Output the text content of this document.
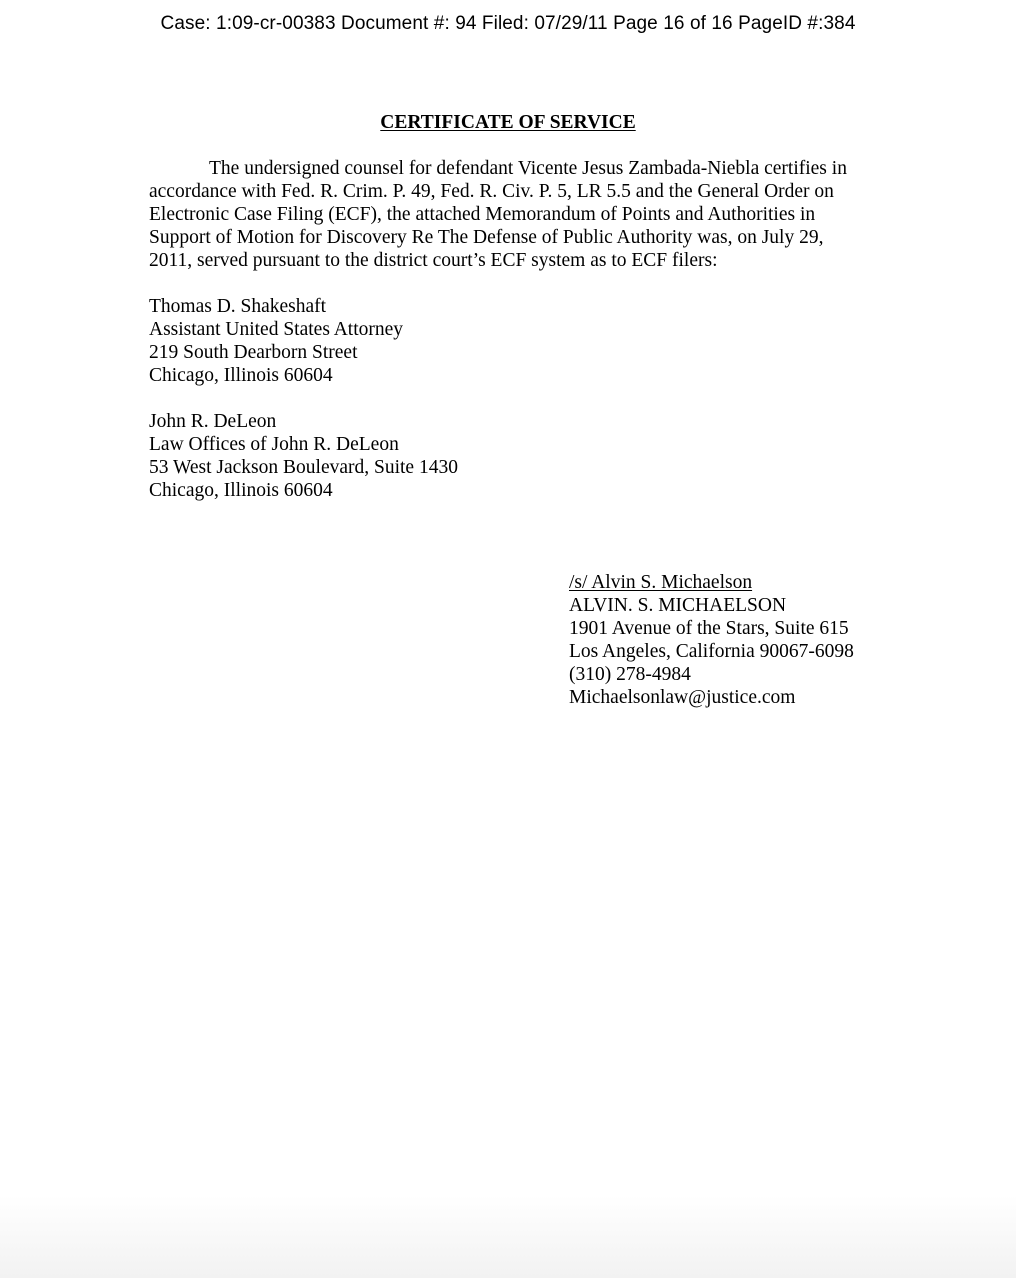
Case: 1:09-cr-00383 Document #: 94 Filed: 07/29/11 Page 16 of 16 PageID #:384
CERTIFICATE OF SERVICE
The undersigned counsel for defendant Vicente Jesus Zambada-Niebla certifies in
accordance with Fed. R. Crim. P. 49, Fed. R. Civ. P. 5, LR 5.5 and the General Order on
Electronic Case Filing (ECF), the attached Memorandum of Points and Authorities in
Support of Motion for Discovery Re The Defense of Public Authority was, on July 29,
2011, served pursuant to the district court’s ECF system as to ECF filers:
Thomas D. Shakeshaft
Assistant United States Attorney
219 South Dearborn Street
Chicago, Illinois 60604
John R. DeLeon
Law Offices of John R. DeLeon
53 West Jackson Boulevard, Suite 1430
Chicago, Illinois 60604
/s/ Alvin S. Michaelson
ALVIN. S. MICHAELSON
1901 Avenue of the Stars, Suite 615
Los Angeles, California 90067-6098
(310) 278-4984
Michaelsonlaw@justice.com
